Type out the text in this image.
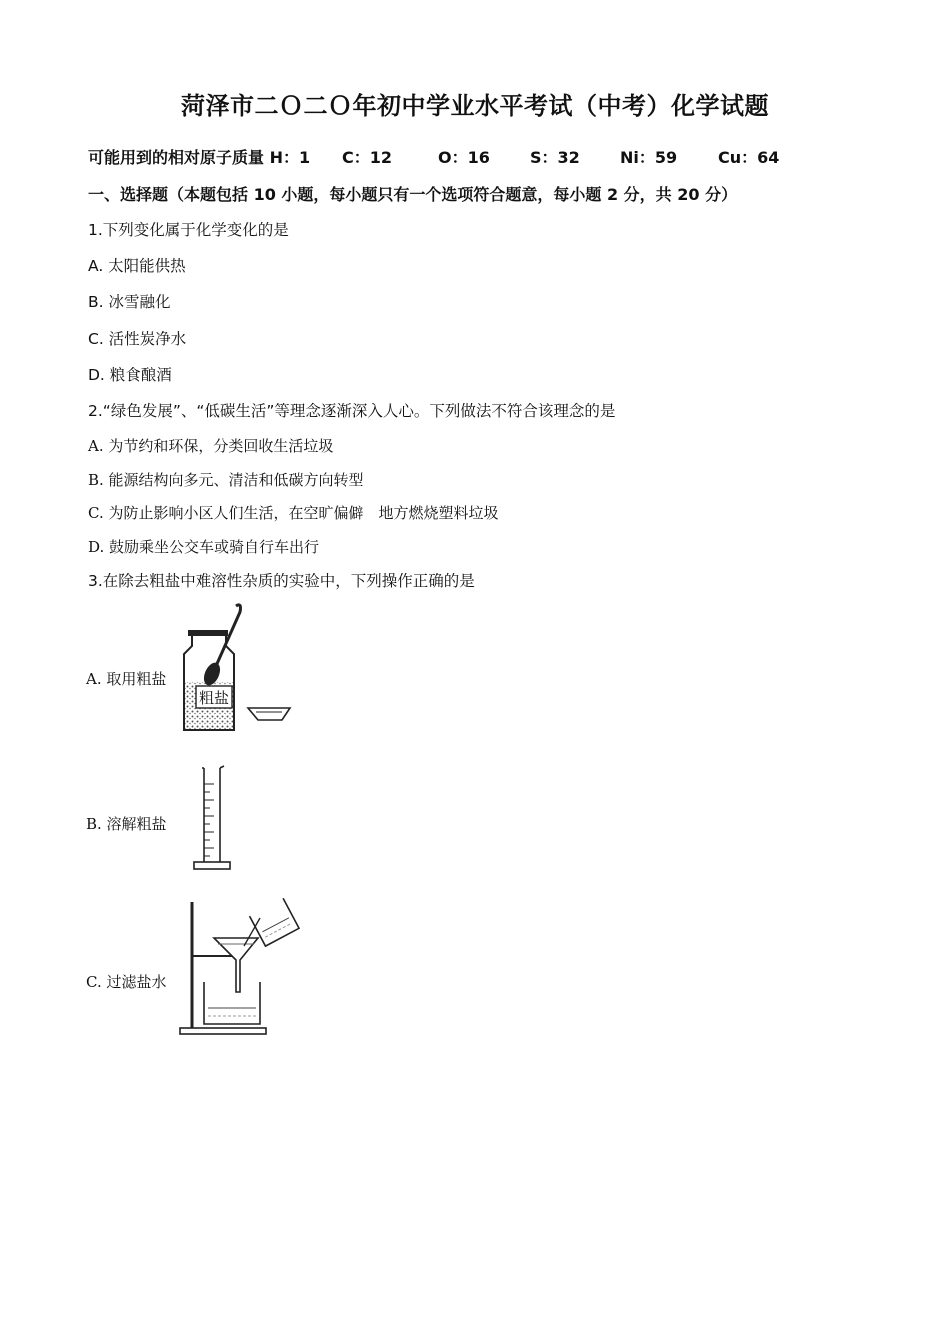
菏泽市二Ｏ二Ｏ年初中学业水平考试（中考）化学试题
可能用到的相对原子质量 H：1	C：12	O：16	S：32	Ni：59	Cu：64
一、选择题（本题包括 10 小题，每小题只有一个选项符合题意，每小题 2 分，共 20 分）
1.下列变化属于化学变化的是
A. 太阳能供热
B. 冰雪融化
C. 活性炭净水
D. 粮食酿酒
2.“绿色发展”、“低碳生活”等理念逐渐深入人心。下列做法不符合该理念的是
A. 为节约和环保，分类回收生活垃圾
B. 能源结构向多元、清洁和低碳方向转型
C. 为防止影响小区人们生活，在空旷偏僻　地方燃烧塑料垃圾
D. 鼓励乘坐公交车或骑自行车出行
3.在除去粗盐中难溶性杂质的实验中，下列操作正确的是
A. 取用粗盐
B. 溶解粗盐
C. 过滤盐水
粗盐
